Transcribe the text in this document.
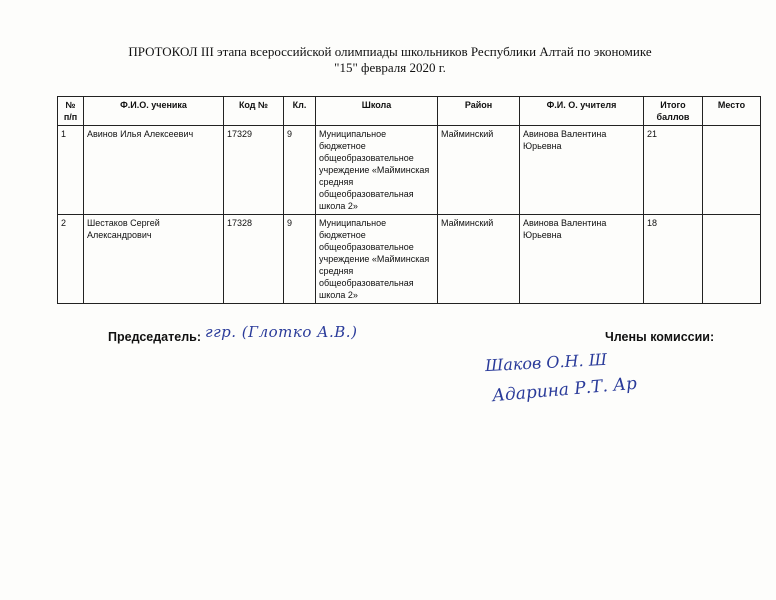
ПРОТОКОЛ III этапа всероссийской олимпиады школьников Республики Алтай по экономике
"15" февраля 2020 г.
№ п/п	Ф.И.О. ученика	Код №	Кл.	Школа	Район	Ф.И. О. учителя	Итого баллов	Место
1	Авинов Илья Алексеевич	17329	9	Муниципальное бюджетное общеобразовательное учреждение «Майминская средняя общеобразовательная школа 2»	Майминский	Авинова Валентина Юрьевна	21	
2	Шестаков Сергей Александрович	17328	9	Муниципальное бюджетное общеобразовательное учреждение «Майминская средняя общеобразовательная школа 2»	Майминский	Авинова Валентина Юрьевна	18	
Председатель: ггр. (Глотко А.В.)	Члены комиссии:
Шаков О.Н. Ш
Адарина Р.Т. Ар
